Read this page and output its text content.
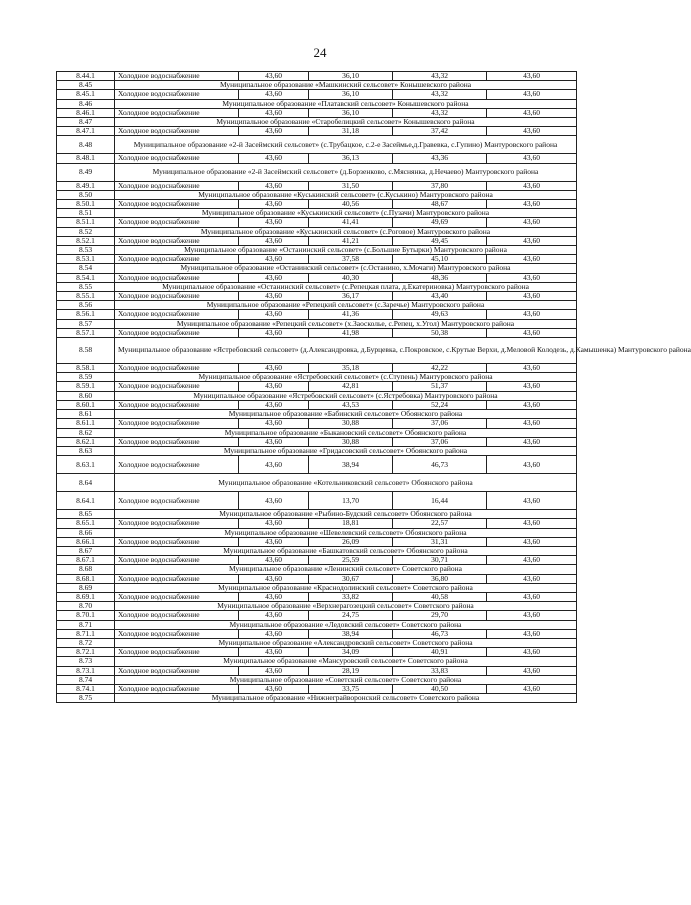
24
8.44.1	Холодное водоснабжение	43,60	36,10	43,32	43,60
8.45	Муниципальное образование «Машкинский сельсовет» Конышевского района				
8.45.1	Холодное водоснабжение	43,60	36,10	43,32	43,60
8.46	Муниципальное образование «Платавский сельсовет» Конышевского района				
8.46.1	Холодное водоснабжение	43,60	36,10	43,32	43,60
8.47	Муниципальное образование «Старобелицкий сельсовет» Конышевского района				
8.47.1	Холодное водоснабжение	43,60	31,18	37,42	43,60
8.48	Муниципальное образование «2-й Засеймский сельсовет» (с.Трубацкое, с.2-е Засеймье,д.Гравевка, с.Гупино) Мантуровского района				
8.48.1	Холодное водоснабжение	43,60	36,13	43,36	43,60
8.49	Муниципальное образование «2-й Засеймский сельсовет» (д.Борзенково, с.Мяснянка, д.Нечаево) Мантуровского района				
8.49.1	Холодное водоснабжение	43,60	31,50	37,80	43,60
8.50	Муниципальное образование «Куськинский сельсовет» (с.Куськино) Мантуровского района				
8.50.1	Холодное водоснабжение	43,60	40,56	48,67	43,60
8.51	Муниципальное образование «Куськинский сельсовет» (с.Пузачи) Мантуровского района				
8.51.1	Холодное водоснабжение	43,60	41,41	49,69	43,60
8.52	Муниципальное образование «Куськинский сельсовет» (с.Роговое) Мантуровского района				
8.52.1	Холодное водоснабжение	43,60	41,21	49,45	43,60
8.53	Муниципальное образование «Останинский сельсовет» (с.Большие Бутырки) Мантуровского района				
8.53.1	Холодное водоснабжение	43,60	37,58	45,10	43,60
8.54	Муниципальное образование «Останинский сельсовет» (с.Останино, х.Мочаги) Мантуровского района				
8.54.1	Холодное водоснабжение	43,60	40,30	48,36	43,60
8.55	Муниципальное образование «Останинский сельсовет» (с.Репецкая плата, д.Екатериновка) Мантуровского района				
8.55.1	Холодное водоснабжение	43,60	36,17	43,40	43,60
8.56	Муниципальное образование «Репецкий сельсовет» (с.Заречье) Мантуровского района				
8.56.1	Холодное водоснабжение	43,60	41,36	49,63	43,60
8.57	Муниципальное образование «Репецкий сельсовет» (х.Заосколье, с.Репец, х.Угол) Мантуровского района				
8.57.1	Холодное водоснабжение	43,60	41,98	50,38	43,60
8.58	Муниципальное образование «Ястребовский сельсовет» (д.Александровка, д.Бурцевка, с.Покровское, с.Крутые Верхи, д.Меловой Колодезь, д.Камышенка) Мантуровского района				
8.58.1	Холодное водоснабжение	43,60	35,18	42,22	43,60
8.59	Муниципальное образование «Ястребовский сельсовет» (с.Ступень) Мантуровского района				
8.59.1	Холодное водоснабжение	43,60	42,81	51,37	43,60
8.60	Муниципальное образование «Ястребовский сельсовет» (с.Ястребовка) Мантуровского района				
8.60.1	Холодное водоснабжение	43,60	43,53	52,24	43,60
8.61	Муниципальное образование «Бабинский сельсовет» Обоянского района				
8.61.1	Холодное водоснабжение	43,60	30,88	37,06	43,60
8.62	Муниципальное образование «Быкановский сельсовет» Обоянского района				
8.62.1	Холодное водоснабжение	43,60	30,88	37,06	43,60
8.63	Муниципальное образование «Гридасовский сельсовет» Обоянского района				
8.63.1	Холодное водоснабжение	43,60	38,94	46,73	43,60
8.64	Муниципальное образование «Котельниковский сельсовет» Обоянского района				
8.64.1	Холодное водоснабжение	43,60	13,70	16,44	43,60
8.65	Муниципальное образование «Рыбино-Будский сельсовет» Обоянского района				
8.65.1	Холодное водоснабжение	43,60	18,81	22,57	43,60
8.66	Муниципальное образование «Шевелевский сельсовет» Обоянского района				
8.66.1	Холодное водоснабжение	43,60	26,09	31,31	43,60
8.67	Муниципальное образование «Башкатовский сельсовет» Обоянского района				
8.67.1	Холодное водоснабжение	43,60	25,59	30,71	43,60
8.68	Муниципальное образование «Ленинский сельсовет» Советского района				
8.68.1	Холодное водоснабжение	43,60	30,67	36,80	43,60
8.69	Муниципальное образование «Краснодолинский сельсовет» Советского района				
8.69.1	Холодное водоснабжение	43,60	33,82	40,58	43,60
8.70	Муниципальное образование «Верхнерагозецкий сельсовет» Советского района				
8.70.1	Холодное водоснабжение	43,60	24,75	29,70	43,60
8.71	Муниципальное образование «Ледовский сельсовет» Советского района				
8.71.1	Холодное водоснабжение	43,60	38,94	46,73	43,60
8.72	Муниципальное образование «Александровский сельсовет» Советского района				
8.72.1	Холодное водоснабжение	43,60	34,09	40,91	43,60
8.73	Муниципальное образование «Мансуровский сельсовет» Советского района				
8.73.1	Холодное водоснабжение	43,60	28,19	33,83	43,60
8.74	Муниципальное образование «Советский сельсовет» Советского района				
8.74.1	Холодное водоснабжение	43,60	33,75	40,50	43,60
8.75	Муниципальное образование «Нижнеграйворонский сельсовет» Советского района				
